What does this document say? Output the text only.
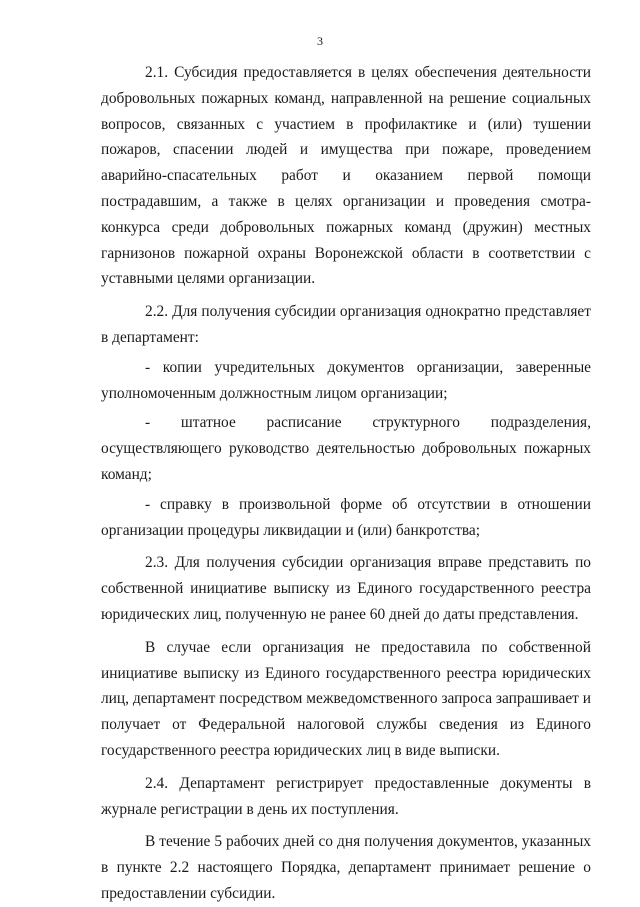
3

2.1. Субсидия предоставляется в целях обеспечения деятельности добровольных пожарных команд, направленной на решение социальных вопросов, связанных с участием в профилактике и (или) тушении пожаров, спасении людей и имущества при пожаре, проведением аварийно-спасательных работ и оказанием первой помощи пострадавшим, а также в целях организации и проведения смотра-конкурса среди добровольных пожарных команд (дружин) местных гарнизонов пожарной охраны Воронежской области в соответствии с уставными целями организации.

2.2. Для получения субсидии организация однократно представляет в департамент:

- копии учредительных документов организации, заверенные уполномоченным должностным лицом организации;

- штатное расписание структурного подразделения, осуществляющего руководство деятельностью добровольных пожарных команд;

- справку в произвольной форме об отсутствии в отношении организации процедуры ликвидации и (или) банкротства;

2.3. Для получения субсидии организация вправе представить по собственной инициативе выписку из Единого государственного реестра юридических лиц, полученную не ранее 60 дней до даты представления.

В случае если организация не предоставила по собственной инициативе выписку из Единого государственного реестра юридических лиц, департамент посредством межведомственного запроса запрашивает и получает от Федеральной налоговой службы сведения из Единого государственного реестра юридических лиц в виде выписки.

2.4. Департамент регистрирует предоставленные документы в журнале регистрации в день их поступления.

В течение 5 рабочих дней со дня получения документов, указанных в пункте 2.2 настоящего Порядка, департамент принимает решение о предоставлении субсидии.
